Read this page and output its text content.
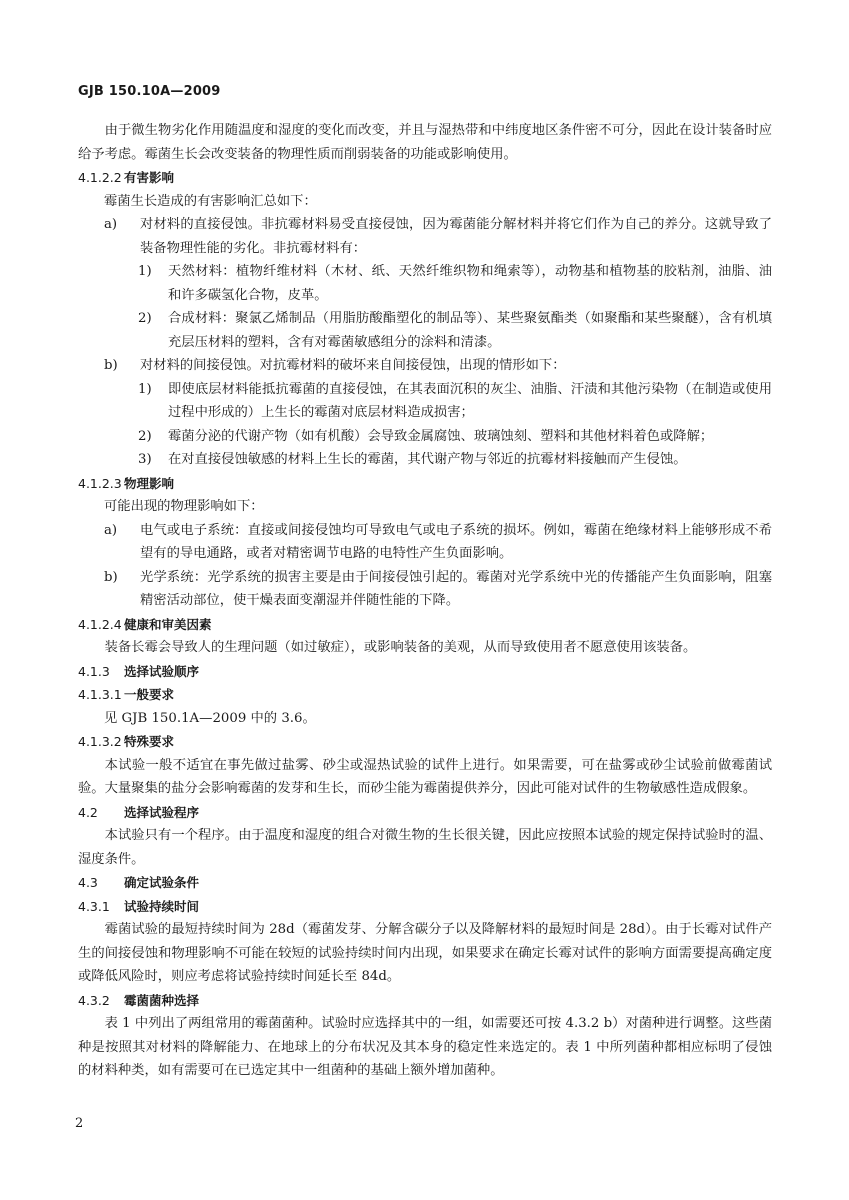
GJB 150.10A—2009

由于微生物劣化作用随温度和湿度的变化而改变，并且与湿热带和中纬度地区条件密不可分，因此在设计装备时应给予考虑。霉菌生长会改变装备的物理性质而削弱装备的功能或影响使用。

4.1.2.2 有害影响

霉菌生长造成的有害影响汇总如下：

a)	对材料的直接侵蚀。非抗霉材料易受直接侵蚀，因为霉菌能分解材料并将它们作为自己的养分。这就导致了装备物理性能的劣化。非抗霉材料有：
1)	天然材料：植物纤维材料（木材、纸、天然纤维织物和绳索等），动物基和植物基的胶粘剂，油脂、油和许多碳氢化合物，皮革。
2)	合成材料：聚氯乙烯制品（用脂肪酸酯塑化的制品等）、某些聚氨酯类（如聚酯和某些聚醚），含有机填充层压材料的塑料，含有对霉菌敏感组分的涂料和清漆。
b)	对材料的间接侵蚀。对抗霉材料的破坏来自间接侵蚀，出现的情形如下：
1)	即使底层材料能抵抗霉菌的直接侵蚀，在其表面沉积的灰尘、油脂、汗渍和其他污染物（在制造或使用过程中形成的）上生长的霉菌对底层材料造成损害；
2)	霉菌分泌的代谢产物（如有机酸）会导致金属腐蚀、玻璃蚀刻、塑料和其他材料着色或降解；
3)	在对直接侵蚀敏感的材料上生长的霉菌，其代谢产物与邻近的抗霉材料接触而产生侵蚀。
4.1.2.3 物理影响

可能出现的物理影响如下：

a)	电气或电子系统：直接或间接侵蚀均可导致电气或电子系统的损坏。例如，霉菌在绝缘材料上能够形成不希望有的导电通路，或者对精密调节电路的电特性产生负面影响。
b)	光学系统：光学系统的损害主要是由于间接侵蚀引起的。霉菌对光学系统中光的传播能产生负面影响，阻塞精密活动部位，使干燥表面变潮湿并伴随性能的下降。
4.1.2.4 健康和审美因素

装备长霉会导致人的生理问题（如过敏症），或影响装备的美观，从而导致使用者不愿意使用该装备。

4.1.3 选择试验顺序
4.1.3.1 一般要求

见 GJB 150.1A—2009 中的 3.6。

4.1.3.2 特殊要求

本试验一般不适宜在事先做过盐雾、砂尘或湿热试验的试件上进行。如果需要，可在盐雾或砂尘试验前做霉菌试验。大量聚集的盐分会影响霉菌的发芽和生长，而砂尘能为霉菌提供养分，因此可能对试件的生物敏感性造成假象。

4.2 选择试验程序

本试验只有一个程序。由于温度和湿度的组合对微生物的生长很关键，因此应按照本试验的规定保持试验时的温、湿度条件。

4.3 确定试验条件
4.3.1 试验持续时间

霉菌试验的最短持续时间为 28d（霉菌发芽、分解含碳分子以及降解材料的最短时间是 28d）。由于长霉对试件产生的间接侵蚀和物理影响不可能在较短的试验持续时间内出现，如果要求在确定长霉对试件的影响方面需要提高确定度或降低风险时，则应考虑将试验持续时间延长至 84d。

4.3.2 霉菌菌种选择

表 1 中列出了两组常用的霉菌菌种。试验时应选择其中的一组，如需要还可按 4.3.2 b）对菌种进行调整。这些菌种是按照其对材料的降解能力、在地球上的分布状况及其本身的稳定性来选定的。表 1 中所列菌种都相应标明了侵蚀的材料种类，如有需要可在已选定其中一组菌种的基础上额外增加菌种。

2
